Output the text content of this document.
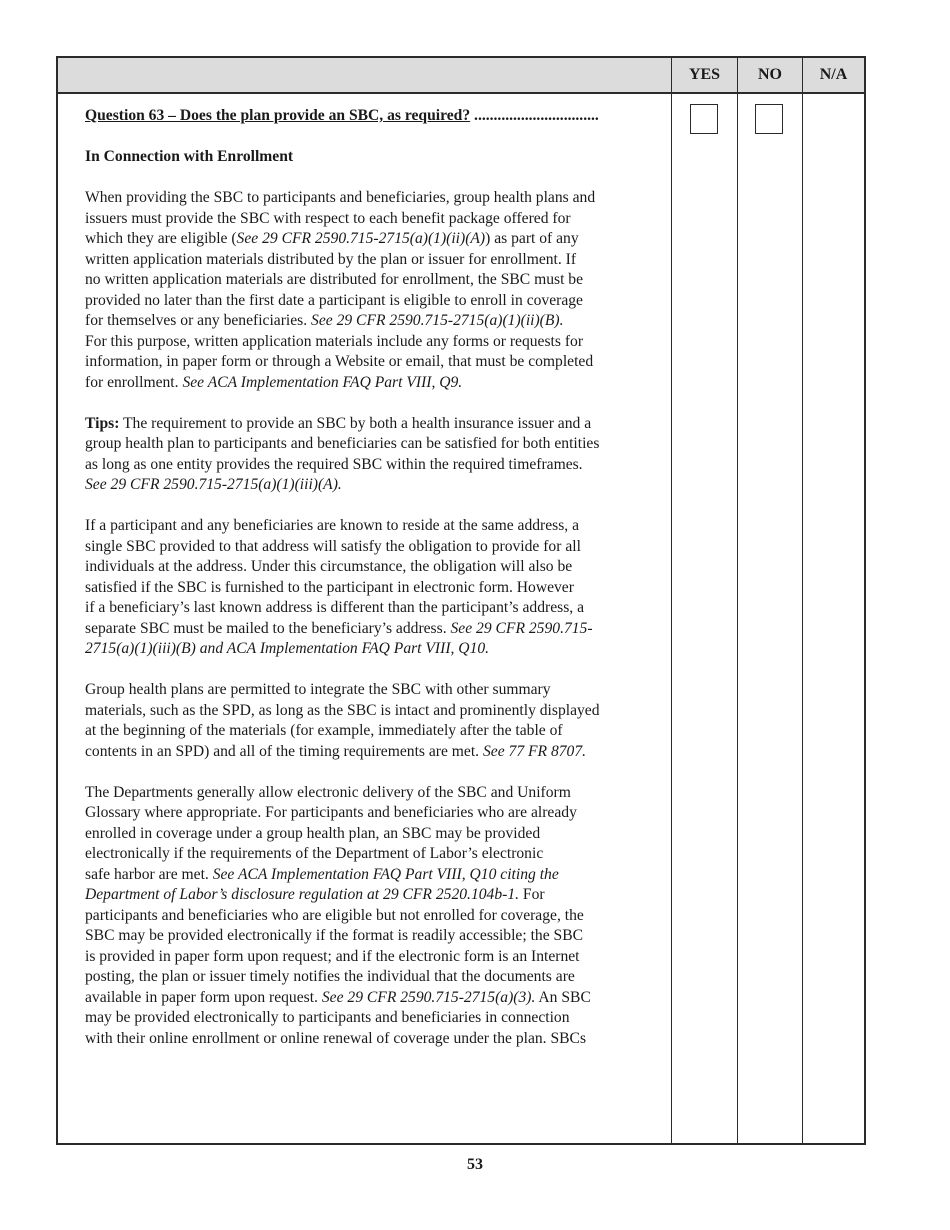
YES	NO	N/A
Question 63 – Does the plan provide an SBC, as required? ................................
In Connection with Enrollment

When providing the SBC to participants and beneficiaries, group health plans and
issuers must provide the SBC with respect to each benefit package offered for
which they are eligible (See 29 CFR 2590.715-2715(a)(1)(ii)(A)) as part of any
written application materials distributed by the plan or issuer for enrollment. If
no written application materials are distributed for enrollment, the SBC must be
provided no later than the first date a participant is eligible to enroll in coverage
for themselves or any beneficiaries. See 29 CFR 2590.715-2715(a)(1)(ii)(B).
For this purpose, written application materials include any forms or requests for
information, in paper form or through a Website or email, that must be completed
for enrollment. See ACA Implementation FAQ Part VIII, Q9.

Tips: The requirement to provide an SBC by both a health insurance issuer and a
group health plan to participants and beneficiaries can be satisfied for both entities
as long as one entity provides the required SBC within the required timeframes.
See 29 CFR 2590.715-2715(a)(1)(iii)(A).

If a participant and any beneficiaries are known to reside at the same address, a
single SBC provided to that address will satisfy the obligation to provide for all
individuals at the address. Under this circumstance, the obligation will also be
satisfied if the SBC is furnished to the participant in electronic form. However
if a beneficiary’s last known address is different than the participant’s address, a
separate SBC must be mailed to the beneficiary’s address. See 29 CFR 2590.715-
2715(a)(1)(iii)(B) and ACA Implementation FAQ Part VIII, Q10.

Group health plans are permitted to integrate the SBC with other summary
materials, such as the SPD, as long as the SBC is intact and prominently displayed
at the beginning of the materials (for example, immediately after the table of
contents in an SPD) and all of the timing requirements are met. See 77 FR 8707.

The Departments generally allow electronic delivery of the SBC and Uniform
Glossary where appropriate. For participants and beneficiaries who are already
enrolled in coverage under a group health plan, an SBC may be provided
electronically if the requirements of the Department of Labor’s electronic
safe harbor are met. See ACA Implementation FAQ Part VIII, Q10 citing the
Department of Labor’s disclosure regulation at 29 CFR 2520.104b-1. For
participants and beneficiaries who are eligible but not enrolled for coverage, the
SBC may be provided electronically if the format is readily accessible; the SBC
is provided in paper form upon request; and if the electronic form is an Internet
posting, the plan or issuer timely notifies the individual that the documents are
available in paper form upon request. See 29 CFR 2590.715-2715(a)(3). An SBC
may be provided electronically to participants and beneficiaries in connection
with their online enrollment or online renewal of coverage under the plan. SBCs

53
